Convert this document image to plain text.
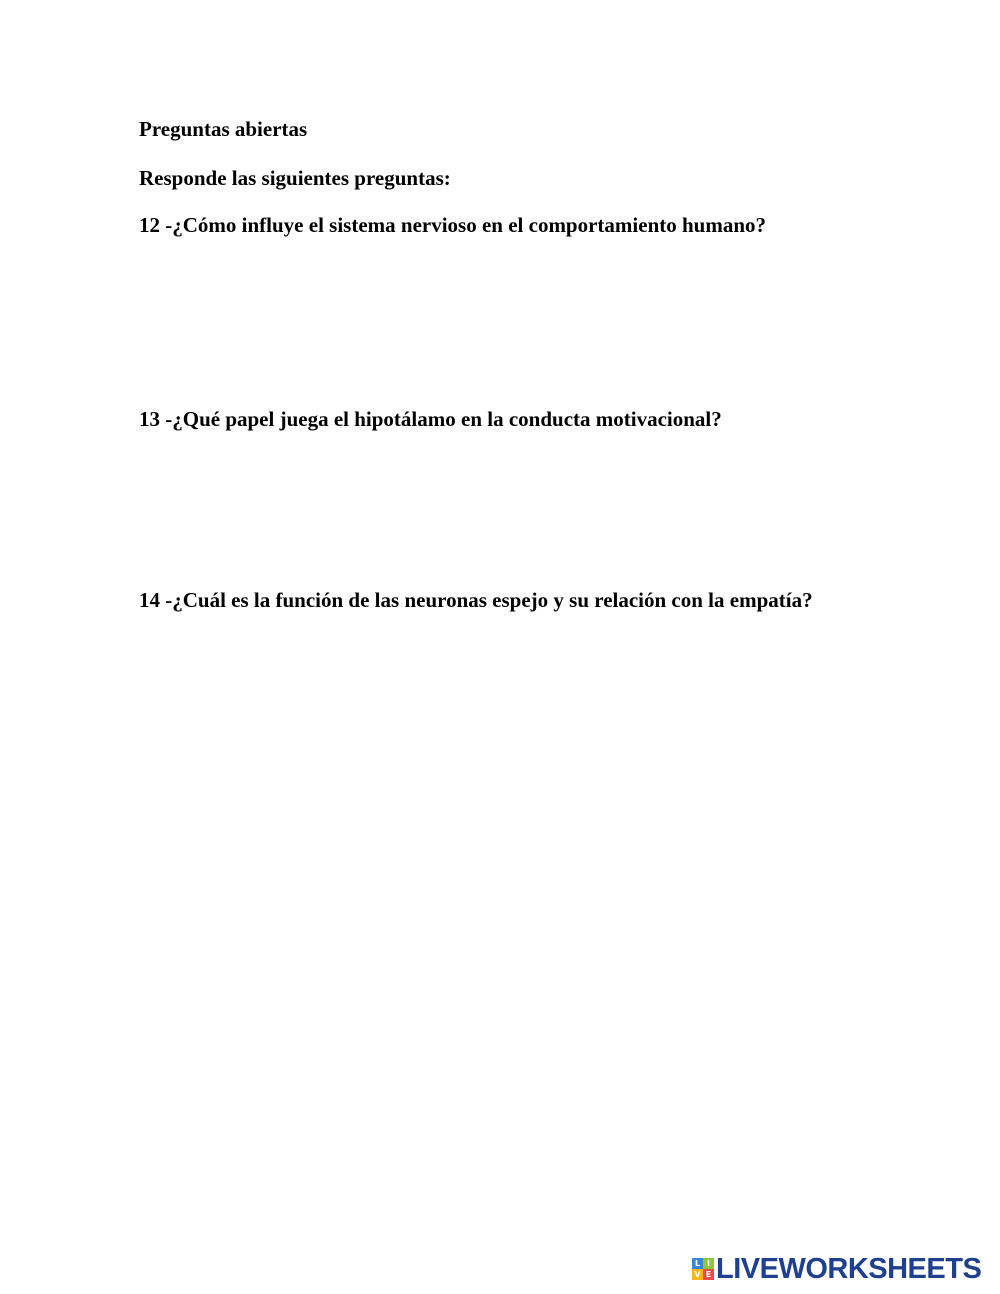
Preguntas abiertas
Responde las siguientes preguntas:
12 -¿Cómo influye el sistema nervioso en el comportamiento humano?
13 -¿Qué papel juega el hipotálamo en la conducta motivacional?
14 -¿Cuál es la función de las neuronas espejo y su relación con la empatía?
L I
V E LIVEWORKSHEETS
